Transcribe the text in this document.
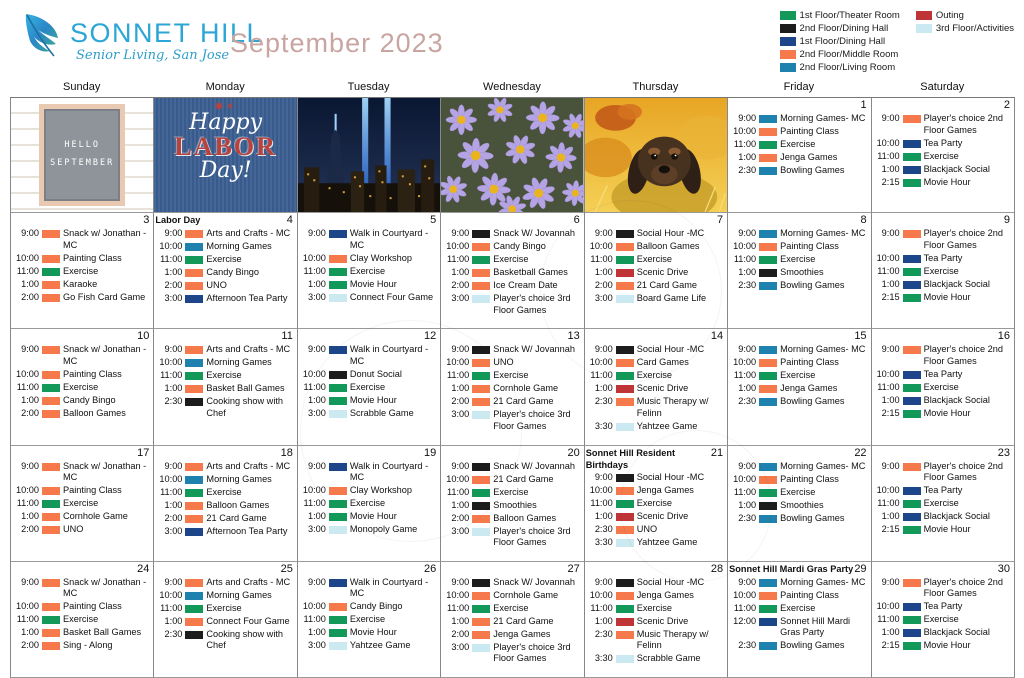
SONNET HILL
Senior Living, San Jose September 2023
1st Floor/Theater Room
2nd Floor/Dining Hall
1st Floor/Dining Hall
2nd Floor/Middle Room
2nd Floor/Living Room
Outing
3rd Floor/Activities
Sunday	Monday	Tuesday	Wednesday	Thursday	Friday	Saturday
HELLO
SEPTEMBER
✸✴
Happy
LABOR
Day!
1
9:00	Morning Games- MC
10:00	Painting Class
11:00	Exercise
1:00	Jenga Games
2:30	Bowling Games
2
9:00	Player's choice 2nd Floor Games
10:00	Tea Party
11:00	Exercise
1:00	Blackjack Social
2:15	Movie Hour
3
9:00	Snack w/ Jonathan -MC
10:00	Painting Class
11:00	Exercise
1:00	Karaoke
2:00	Go Fish Card Game
Labor Day	4
9:00	Arts and Crafts - MC
10:00	Morning Games
11:00	Exercise
1:00	Candy Bingo
2:00	UNO
3:00	Afternoon Tea Party
5
9:00	Walk in Courtyard -MC
10:00	Clay Workshop
11:00	Exercise
1:00	Movie Hour
3:00	Connect Four Game
6
9:00	Snack W/ Jovannah
10:00	Candy Bingo
11:00	Exercise
1:00	Basketball Games
2:00	Ice Cream Date
3:00	Player's choice 3rd Floor Games
7
9:00	Social Hour -MC
10:00	Balloon Games
11:00	Exercise
1:00	Scenic Drive
2:00	21 Card Game
3:00	Board Game Life
8
9:00	Morning Games- MC
10:00	Painting Class
11:00	Exercise
1:00	Smoothies
2:30	Bowling Games
9
9:00	Player's choice 2nd Floor Games
10:00	Tea Party
11:00	Exercise
1:00	Blackjack Social
2:15	Movie Hour
10
9:00	Snack w/ Jonathan -MC
10:00	Painting Class
11:00	Exercise
1:00	Candy Bingo
2:00	Balloon Games
11
9:00	Arts and Crafts - MC
10:00	Morning Games
11:00	Exercise
1:00	Basket Ball Games
2:30	Cooking show with Chef
12
9:00	Walk in Courtyard -MC
10:00	Donut Social
11:00	Exercise
1:00	Movie Hour
3:00	Scrabble Game
13
9:00	Snack W/ Jovannah
10:00	UNO
11:00	Exercise
1:00	Cornhole Game
2:00	21 Card Game
3:00	Player's choice 3rd Floor Games
14
9:00	Social Hour -MC
10:00	Card Games
11:00	Exercise
1:00	Scenic Drive
2:30	Music Therapy w/ Felinn
3:30	Yahtzee Game
15
9:00	Morning Games- MC
10:00	Painting Class
11:00	Exercise
1:00	Jenga Games
2:30	Bowling Games
16
9:00	Player's choice 2nd Floor Games
10:00	Tea Party
11:00	Exercise
1:00	Blackjack Social
2:15	Movie Hour
17
9:00	Snack w/ Jonathan -MC
10:00	Painting Class
11:00	Exercise
1:00	Cornhole Game
2:00	UNO
18
9:00	Arts and Crafts - MC
10:00	Morning Games
11:00	Exercise
1:00	Balloon Games
2:00	21 Card Game
3:00	Afternoon Tea Party
19
9:00	Walk in Courtyard -MC
10:00	Clay Workshop
11:00	Exercise
1:00	Movie Hour
3:00	Monopoly Game
20
9:00	Snack W/ Jovannah
10:00	21 Card Game
11:00	Exercise
1:00	Smoothies
2:00	Balloon Games
3:00	Player's choice 3rd Floor Games
Sonnet Hill Resident Birthdays
21
9:00	Social Hour -MC
10:00	Jenga Games
11:00	Exercise
1:00	Scenic Drive
2:30	UNO
3:30	Yahtzee Game
22
9:00	Morning Games- MC
10:00	Painting Class
11:00	Exercise
1:00	Smoothies
2:30	Bowling Games
23
9:00	Player's choice 2nd Floor Games
10:00	Tea Party
11:00	Exercise
1:00	Blackjack Social
2:15	Movie Hour
24
9:00	Snack w/ Jonathan -MC
10:00	Painting Class
11:00	Exercise
1:00	Basket Ball Games
2:00	Sing - Along
25
9:00	Arts and Crafts - MC
10:00	Morning Games
11:00	Exercise
1:00	Connect Four Game
2:30	Cooking show with Chef
26
9:00	Walk in Courtyard -MC
10:00	Candy Bingo
11:00	Exercise
1:00	Movie Hour
3:00	Yahtzee Game
27
9:00	Snack W/ Jovannah
10:00	Cornhole Game
11:00	Exercise
1:00	21 Card Game
2:00	Jenga Games
3:00	Player's choice 3rd Floor Games
28
9:00	Social Hour -MC
10:00	Jenga Games
11:00	Exercise
1:00	Scenic Drive
2:30	Music Therapy w/ Felinn
3:30	Scrabble Game
Sonnet Hill Mardi Gras Party 29
9:00	Morning Games- MC
10:00	Painting Class
11:00	Exercise
12:00	Sonnet Hill Mardi Gras Party
2:30	Bowling Games
30
9:00	Player's choice 2nd Floor Games
10:00	Tea Party
11:00	Exercise
1:00	Blackjack Social
2:15	Movie Hour
